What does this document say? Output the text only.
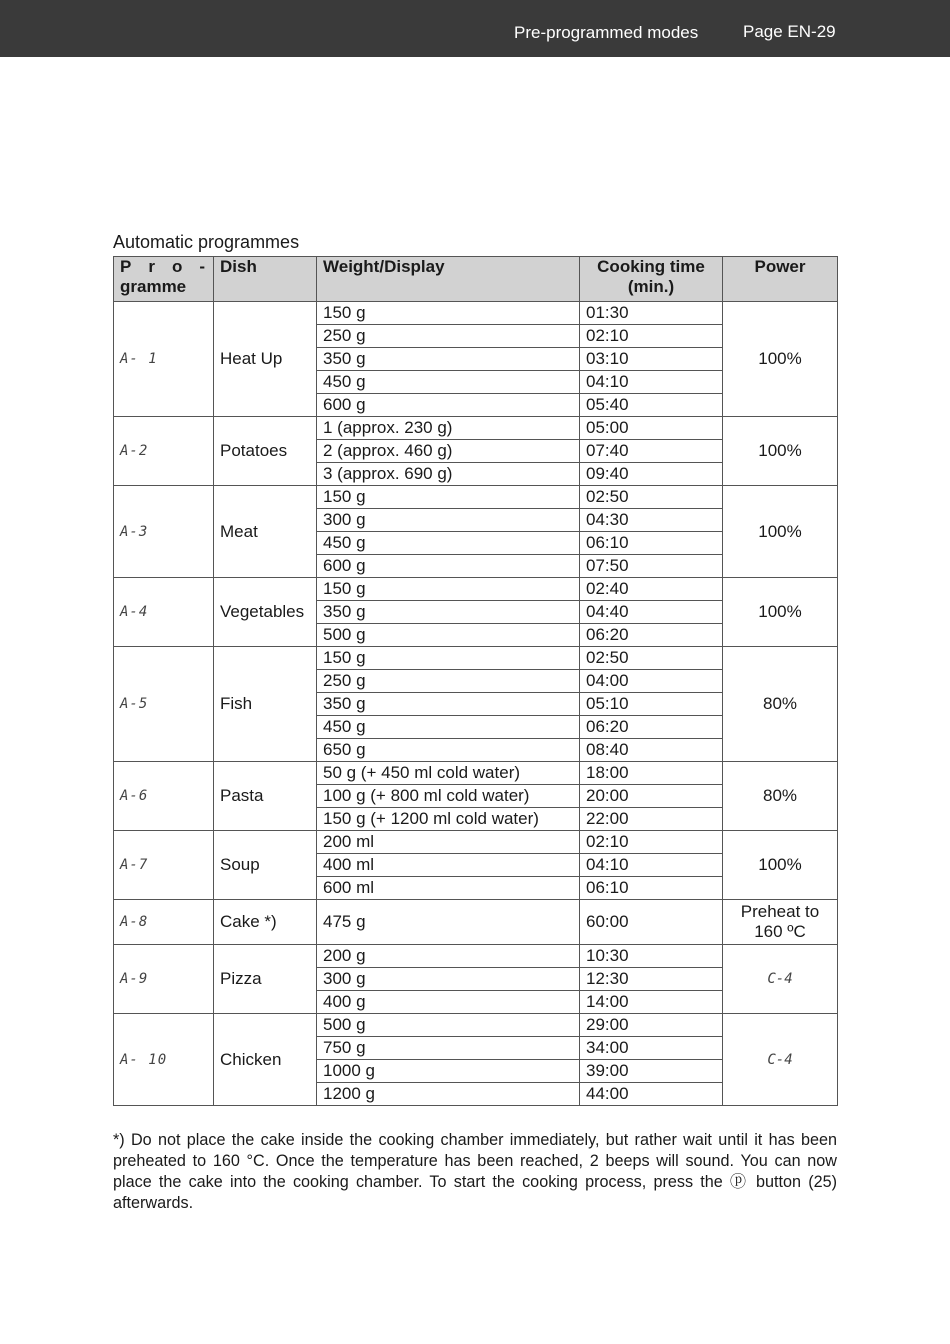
Pre-programmed modes	Page EN-29
Automatic programmes
P r o -
gramme	Dish	Weight/Display	Cooking time (min.)	Power
A- 1	Heat Up	150 g	01:30	100%
		250 g	02:10	
		350 g	03:10	
		450 g	04:10	
		600 g	05:40	
A-2	Potatoes	1 (approx. 230 g)	05:00	100%
		2 (approx. 460 g)	07:40	
		3 (approx. 690 g)	09:40	
A-3	Meat	150 g	02:50	100%
		300 g	04:30	
		450 g	06:10	
		600 g	07:50	
A-4	Vegetables	150 g	02:40	100%
		350 g	04:40	
		500 g	06:20	
A-5	Fish	150 g	02:50	80%
		250 g	04:00	
		350 g	05:10	
		450 g	06:20	
		650 g	08:40	
A-6	Pasta	50 g (+ 450 ml cold water)	18:00	80%
		100 g (+ 800 ml cold water)	20:00	
		150 g (+ 1200 ml cold water)	22:00	
A-7	Soup	200 ml	02:10	100%
		400 ml	04:10	
		600 ml	06:10	
A-8	Cake *)	475 g	60:00	Preheat to 160 ºC
A-9	Pizza	200 g	10:30	C-4
		300 g	12:30	
		400 g	14:00	
A- 10	Chicken	500 g	29:00	C-4
		750 g	34:00	
		1000 g	39:00	
		1200 g	44:00	
*) Do not place the cake inside the cooking chamber immediately, but rather wait until it has been preheated to 160 °C. Once the temperature has been reached, 2 beeps will sound. You can now place the cake into the cooking chamber. To start the cooking process, press the ⓟ button (25) afterwards.
